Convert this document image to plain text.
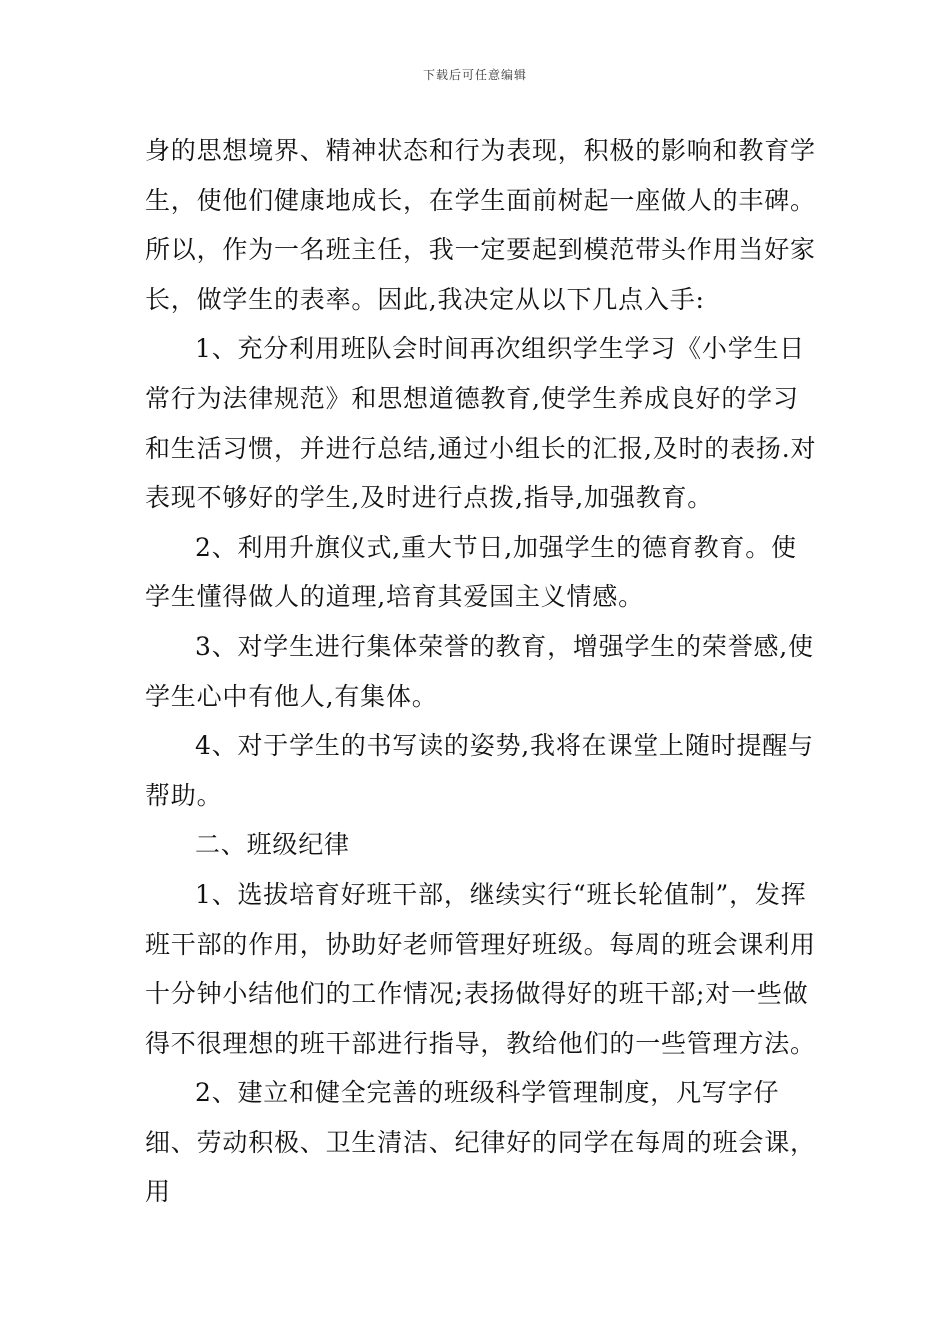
下载后可任意编辑

身的思想境界、精神状态和行为表现，积极的影响和教育学生，使他们健康地成长，在学生面前树起一座做人的丰碑。所以，作为一名班主任，我一定要起到模范带头作用当好家长，做学生的表率。因此,我决定从以下几点入手:

1、充分利用班队会时间再次组织学生学习《小学生日常行为法律规范》和思想道德教育,使学生养成良好的学习和生活习惯，并进行总结,通过小组长的汇报,及时的表扬.对表现不够好的学生,及时进行点拨,指导,加强教育。

2、利用升旗仪式,重大节日,加强学生的德育教育。使学生懂得做人的道理,培育其爱国主义情感。

3、对学生进行集体荣誉的教育，增强学生的荣誉感,使学生心中有他人,有集体。

4、对于学生的书写读的姿势,我将在课堂上随时提醒与帮助。

二、班级纪律

1、选拔培育好班干部，继续实行“班长轮值制”，发挥班干部的作用，协助好老师管理好班级。每周的班会课利用十分钟小结他们的工作情况;表扬做得好的班干部;对一些做得不很理想的班干部进行指导，教给他们的一些管理方法。

2、建立和健全完善的班级科学管理制度，凡写字仔细、劳动积极、卫生清洁、纪律好的同学在每周的班会课，用
